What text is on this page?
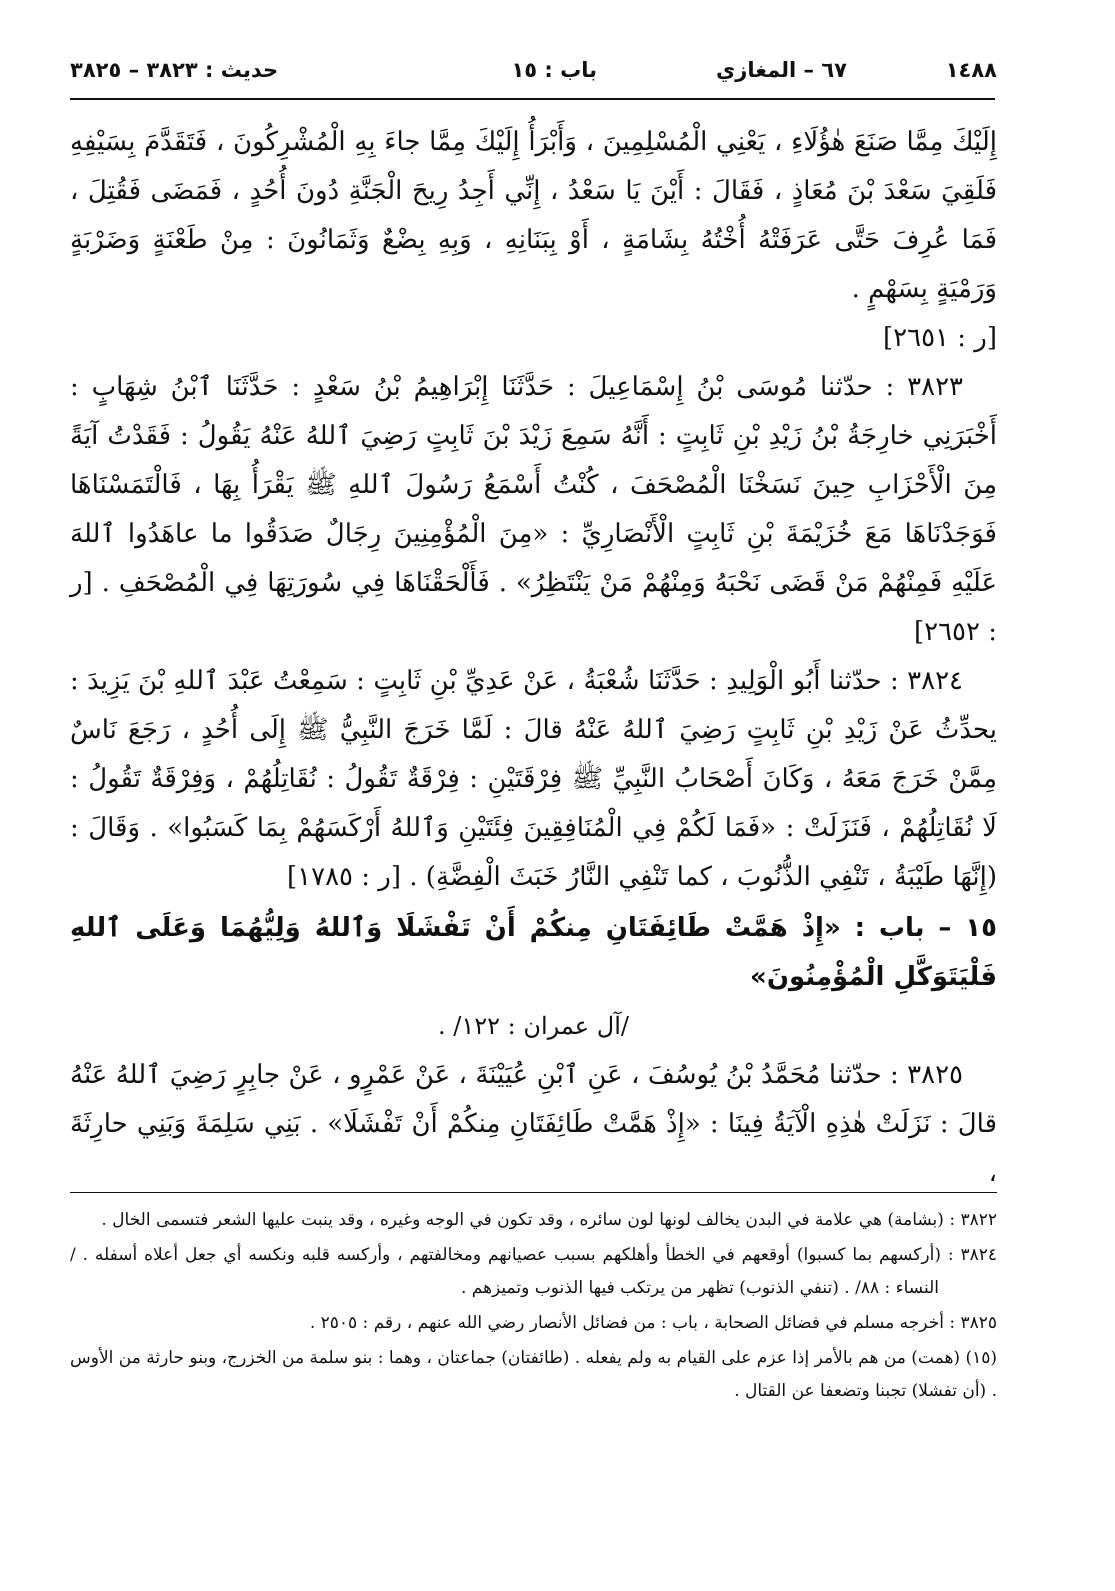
١٤٨٨
٦٧ – المغازي
باب : ١٥
حديث : ٣٨٢٣ – ٣٨٢٥

إِلَيْكَ مِمَّا صَنَعَ هٰؤُلَاءِ ، يَعْنِي الْمُسْلِمِينَ ، وَأَبْرَأُ إِلَيْكَ مِمَّا جاءَ بِهِ الْمُشْرِكُونَ ، فَتَقَدَّمَ بِسَيْفِهِ فَلَقِيَ سَعْدَ بْنَ مُعَاذٍ ، فَقَالَ : أَيْنَ يَا سَعْدُ ، إِنِّي أَجِدُ رِيحَ الْجَنَّةِ دُونَ أُحُدٍ ، فَمَضَى فَقُتِلَ ، فَمَا عُرِفَ حَتَّى عَرَفَتْهُ أُخْتُهُ بِشَامَةٍ ، أَوْ بِبَنَانِهِ ، وَبِهِ بِضْعٌ وَثَمَانُونَ : مِنْ طَعْنَةٍ وَضَرْبَةٍ وَرَمْيَةٍ بِسَهْمٍ .

[ر : ٢٦٥١]

٣٨٢٣ : حدّثنا مُوسَى بْنُ إِسْمَاعِيلَ : حَدَّثَنَا إِبْرَاهِيمُ بْنُ سَعْدٍ : حَدَّثَنَا ٱبْنُ شِهَابٍ : أَخْبَرَنِي خارِجَةُ بْنُ زَيْدِ بْنِ ثَابِتٍ : أَنَّهُ سَمِعَ زَيْدَ بْنَ ثَابِتٍ رَضِيَ ٱللهُ عَنْهُ يَقُولُ : فَقَدْتُ آيَةً مِنَ الْأَحْزَابِ حِينَ نَسَخْنَا الْمُصْحَفَ ، كُنْتُ أَسْمَعُ رَسُولَ ٱللهِ ﷺ يَقْرَأُ بِهَا ، فَالْتَمَسْنَاهَا فَوَجَدْنَاهَا مَعَ خُزَيْمَةَ بْنِ ثَابِتٍ الْأَنْصَارِيِّ : «مِنَ الْمُؤْمِنِينَ رِجَالٌ صَدَقُوا ما عاهَدُوا ٱللهَ عَلَيْهِ فَمِنْهُمْ مَنْ قَضَى نَحْبَهُ وَمِنْهُمْ مَنْ يَنْتَظِرُ» . فَأَلْحَقْنَاهَا فِي سُورَتِهَا فِي الْمُصْحَفِ . [ر : ٢٦٥٢]

٣٨٢٤ : حدّثنا أَبُو الْوَلِيدِ : حَدَّثَنَا شُعْبَةُ ، عَنْ عَدِيِّ بْنِ ثَابِتٍ : سَمِعْتُ عَبْدَ ٱللهِ بْنَ يَزِيدَ : يحدِّثُ عَنْ زَيْدِ بْنِ ثَابِتٍ رَضِيَ ٱللهُ عَنْهُ قالَ : لَمَّا خَرَجَ النَّبِيُّ ﷺ إِلَى أُحُدٍ ، رَجَعَ نَاسٌ مِمَّنْ خَرَجَ مَعَهُ ، وَكَانَ أَصْحَابُ النَّبِيِّ ﷺ فِرْقَتَيْنِ : فِرْقَةٌ تَقُولُ : نُقَاتِلُهُمْ ، وَفِرْقَةٌ تَقُولُ : لَا نُقَاتِلُهُمْ ، فَنَزَلَتْ : «فَمَا لَكُمْ فِي الْمُنَافِقِينَ فِئَتَيْنِ وَٱللهُ أَرْكَسَهُمْ بِمَا كَسَبُوا» . وَقَالَ : (إِنَّهَا طَيْبَةُ ، تَنْفِي الذُّنُوبَ ، كما تَنْفِي النَّارُ خَبَثَ الْفِضَّةِ) . [ر : ١٧٨٥]

١٥ – باب : «إِذْ هَمَّتْ طَائِفَتَانِ مِنكُمْ أَنْ تَفْشَلَا وَٱللهُ وَلِيُّهُمَا وَعَلَى ٱللهِ فَلْيَتَوَكَّلِ الْمُؤْمِنُونَ»

/آل عمران : ١٢٢/ .

٣٨٢٥ : حدّثنا مُحَمَّدُ بْنُ يُوسُفَ ، عَنِ ٱبْنِ عُيَيْنَةَ ، عَنْ عَمْرٍو ، عَنْ جابِرٍ رَضِيَ ٱللهُ عَنْهُ قالَ : نَزَلَتْ هٰذِهِ الْآيَةُ فِينَا : «إِذْ هَمَّتْ طَائِفَتَانِ مِنكُمْ أَنْ تَفْشَلَا» . بَنِي سَلِمَةَ وَبَنِي حارِثَةَ ،

٣٨٢٢ : (بشامة) هي علامة في البدن يخالف لونها لون سائره ، وقد تكون في الوجه وغيره ، وقد ينبت عليها الشعر فتسمى الخال .

٣٨٢٤ : (أركسهم بما كسبوا) أوقعهم في الخطأ وأهلكهم بسبب عصيانهم ومخالفتهم ، وأركسه قلبه ونكسه أي جعل أعلاه أسفله . /النساء : ٨٨/ . (تنفي الذنوب) تظهر من يرتكب فيها الذنوب وتميزهم .

٣٨٢٥ : أخرجه مسلم في فضائل الصحابة ، باب : من فضائل الأنصار رضي الله عنهم ، رقم : ٢٥٠٥ .

(١٥) (همت) من هم بالأمر إذا عزم على القيام به ولم يفعله . (طائفتان) جماعتان ، وهما : بنو سلمة من الخزرج، وبنو حارثة من الأوس . (أن تفشلا) تجبنا وتضعفا عن القتال .
